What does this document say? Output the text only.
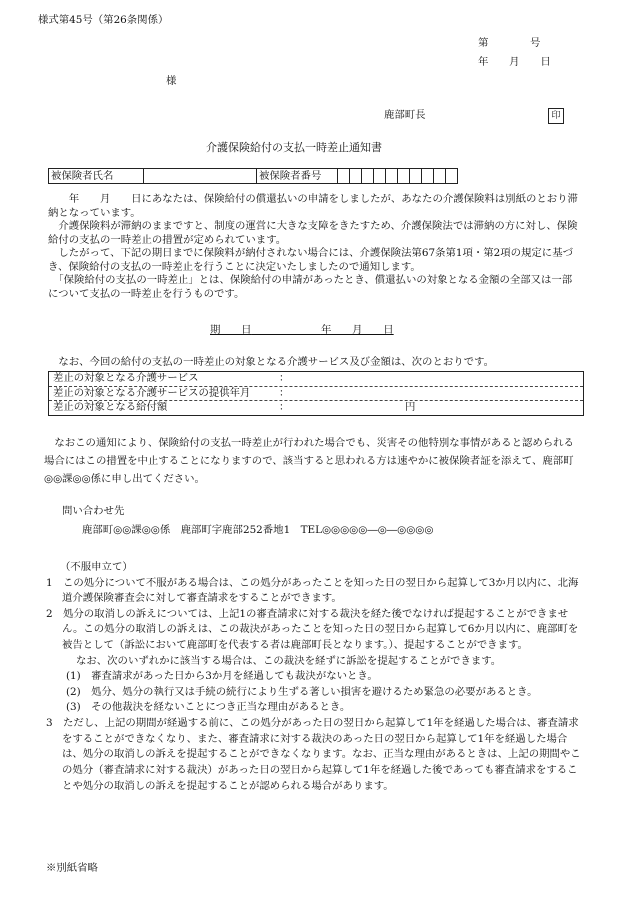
様式第45号（第26条関係）
第　　　　号
年　　月　　日
様
鹿部町長	印
介護保険給付の支払一時差止通知書
被保険者氏名		被保険者番号										

　　年　　月　　日にあなたは、保険給付の償還払いの申請をしましたが、あなたの介護保険料は別紙のとおり滞納となっています。

　介護保険料が滞納のままですと、制度の運営に大きな支障をきたすため、介護保険法では滞納の方に対し、保険給付の支払の一時差止の措置が定められています。

　したがって、下記の期日までに保険料が納付されない場合には、介護保険法第67条第1項・第2項の規定に基づき、保険給付の支払の一時差止を行うことに決定いたしましたので通知します。

　「保険給付の支払の一時差止」とは、保険給付の申請があったとき、償還払いの対象となる金額の全部又は一部について支払の一時差止を行うものです。

期　　日	年　　月　　日
　なお、今回の給付の支払の一時差止の対象となる介護サービス及び金額は、次のとおりです。
差止の対象となる介護サービス	：
差止の対象となる介護サービスの提供年月	：
差止の対象となる給付額	：	円

　なおこの通知により、保険給付の支払一時差止が行われた場合でも、災害その他特別な事情があると認められる場合にはこの措置を中止することになりますので、該当すると思われる方は速やかに被保険者証を添えて、鹿部町◎◎課◎◎係に申し出てください。

問い合わせ先
鹿部町◎◎課◎◎係　鹿部町字鹿部252番地1　TEL◎◎◎◎◎―◎―◎◎◎◎

（不服申立て）

1　この処分について不服がある場合は、この処分があったことを知った日の翌日から起算して3か月以内に、北海道介護保険審査会に対して審査請求をすることができます。

2　処分の取消しの訴えについては、上記1の審査請求に対する裁決を経た後でなければ提起することができません。この処分の取消しの訴えは、この裁決があったことを知った日の翌日から起算して6か月以内に、鹿部町を被告として（訴訟において鹿部町を代表する者は鹿部町長となります。）、提起することができます。

なお、次のいずれかに該当する場合は、この裁決を経ずに訴訟を提起することができます。

(1)　審査請求があった日から3か月を経過しても裁決がないとき。

(2)　処分、処分の執行又は手続の続行により生ずる著しい損害を避けるため緊急の必要があるとき。

(3)　その他裁決を経ないことにつき正当な理由があるとき。

3　ただし、上記の期間が経過する前に、この処分があった日の翌日から起算して1年を経過した場合は、審査請求をすることができなくなり、また、審査請求に対する裁決のあった日の翌日から起算して1年を経過した場合は、処分の取消しの訴えを提起することができなくなります。なお、正当な理由があるときは、上記の期間やこの処分（審査請求に対する裁決）があった日の翌日から起算して1年を経過した後であっても審査請求をすることや処分の取消しの訴えを提起することが認められる場合があります。

※別紙省略
